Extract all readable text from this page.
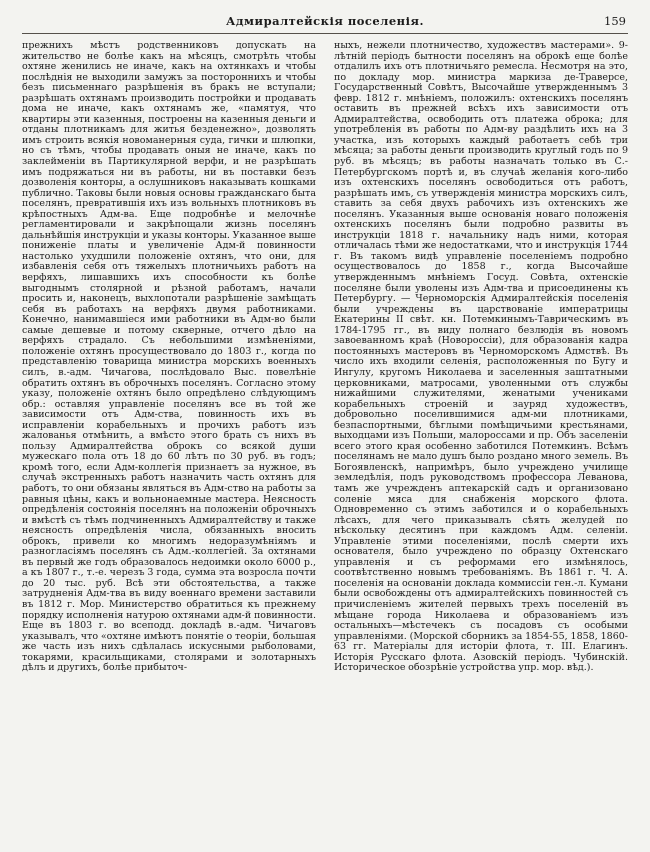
Адмиралтейскія поселенія.	159
прежнихъ мѣстъ родственниковъ допускать на жительство не болѣе какъ на мѣсяцъ, смотрѣть чтобы охтяне женились не иначе, какъ на охтянкахъ и чтобы послѣднія не выходили замужъ за постороннихъ и чтобы безъ письменнаго разрѣшенія въ бракъ не вступали; разрѣшать охтянамъ производить постройки и продавать дома не иначе, какъ охтянамъ же, «памятуя, что квартиры эти казенныя, построены на казенныя деньги и отданы плотникамъ для житья безденежно», дозволять имъ строить всякія новоманерныя суда, гички и шлюпки, но съ тѣмъ, чтобы продавать оныя не иначе, какъ по заклейменіи въ Партикулярной верфи, и не разрѣшать имъ подряжаться ни въ работы, ни въ поставки безъ дозволенія конторы, а ослушниковъ наказывать кошками публично. Таковы были новыя основы гражданскаго быта поселянъ, превратившія ихъ изъ вольныхъ плотниковъ въ крѣпостныхъ Адм-ва. Еще подробнѣе и мелочнѣе регламентировали и закрѣпощали жизнь поселянъ дальнѣйшія инструкціи и указы конторы. Указанное выше пониженіе платы и увеличеніе Адм-й повинности настолько ухудшили положеніе охтянъ, что они, для избавленія себя отъ тяжелыхъ плотничьихъ работъ на верфяхъ, лишавшихъ ихъ способности къ болѣе выгоднымъ столярной и рѣзной работамъ, начали просить и, наконецъ, выхлопотали разрѣшеніе замѣщать себя въ работахъ на верфяхъ двумя работниками. Конечно, нанимавшіеся ими работники въ Адм-во были самые дешевые и потому скверные, отчего дѣло на верфяхъ страдало. Съ небольшими измѣненіями, положеніе охтянъ просуществовало до 1803 г., когда по представленію товарища министра морскихъ военныхъ силъ, в.-адм. Чичагова, послѣдовало Выс. повелѣніе обратить охтянъ въ оброчныхъ поселянъ. Согласно этому указу, положеніе охтянъ было опредѣлено слѣдующимъ обр.: оставляя управленіе поселянъ все въ той же зависимости отъ Адм-ства, повинность ихъ въ исправленіи корабельныхъ и прочихъ работъ изъ жалованья отмѣнить, а вмѣсто этого брать съ нихъ въ пользу Адмиралтейства оброкъ со всякой души мужескаго пола отъ 18 до 60 лѣтъ по 30 руб. въ годъ; кромѣ того, если Адм-коллегія признаетъ за нужное, въ случаѣ экстренныхъ работъ назначить часть охтянъ для работъ, то они обязаны являться въ Адм-ство на работы за равныя цѣны, какъ и вольнонаемные мастера. Неясность опредѣленія состоянія поселянъ на положеніи оброчныхъ и вмѣстѣ съ тѣмъ подчиненныхъ Адмиралтейству и также неясность опредѣленія числа, обязанныхъ вносить оброкъ, привели ко многимъ недоразумѣніямъ и разногласіямъ поселянъ съ Адм.-коллегіей. За охтянами въ первый же годъ образовалось недоимки около 6000 р., а къ 1807 г., т.-е. черезъ 3 года, сумма эта возросла почти до 20 тыс. руб. Всѣ эти обстоятельства, а также затрудненія Адм-тва въ виду военнаго времени заставили въ 1812 г. Мор. Министерство обратиться къ прежнему порядку исполненія натурою охтянами адм-й повинности. Еще въ 1803 г. во всеподд. докладѣ в.-адм. Чичаговъ указывалъ, что «охтяне имѣютъ понятіе о теоріи, большая же часть изъ нихъ сдѣлалась искусными рыболовами, токарями, красильщиками, столярами и золотарныхъ дѣлъ и другихъ, болѣе прибыточ-
ныхъ, нежели плотничество, художествъ мастерами». 9-лѣтній періодъ бытности поселянъ на оброкѣ еще болѣе отдалилъ ихъ отъ плотничьяго ремесла. Несмотря на это, по докладу мор. министра маркиза де-Траверсе, Государственный Совѣтъ, Высочайше утвержденнымъ 3 февр. 1812 г. мнѣніемъ, положилъ: охтенскихъ поселянъ оставить въ прежней всѣхъ ихъ зависимости отъ Адмиралтейства, освободить отъ платежа оброка; для употребленія въ работы по Адм-ву раздѣлить ихъ на 3 участка, изъ которыхъ каждый работаетъ себѣ три мѣсяца; за работы деньги производить круглый годъ по 9 руб. въ мѣсяцъ; въ работы назначать только въ С.-Петербургскомъ портѣ и, въ случаѣ желанія кого-либо изъ охтенскихъ поселянъ освободиться отъ работъ, разрѣшать имъ, съ утвержденія министра морскихъ силъ, ставить за себя двухъ рабочихъ изъ охтенскихъ же поселянъ. Указанныя выше основанія новаго положенія охтенскихъ поселянъ были подробно развиты въ инструкціи 1818 г. начальнику надъ ними, которая отличалась тѣми же недостатками, что и инструкція 1744 г. Въ такомъ видѣ управленіе поселеніемъ подробно осуществовалось до 1858 г., когда Высочайше утвержденнымъ мнѣніемъ Госуд. Совѣта, охтенскіе поселяне были уволены изъ Адм-тва и присоединены къ Петербургу. — Черноморскія Адмиралтейскія поселенія были учреждены въ царствованіе императрицы Екатерины II свѣт. кн. Потемкинымъ-Таврическимъ въ 1784-1795 гг., въ виду полнаго безлюдія въ новомъ завоеванномъ краѣ (Новороссіи), для образованія кадра постоянныхъ мастеровъ въ Черноморскомъ Адмствѣ. Въ число ихъ входили селенія, расположенныя по Бугу и Ингулу, кругомъ Николаева и заселенныя заштатными церковниками, матросами, уволенными отъ службы нижайшими служителями, женатыми учениками корабельныхъ строеній и зауряд художествъ, добровольно поселившимися адм-ми плотниками, безпаспортными, бѣглыми помѣщичьими крестьянами, выходцами изъ Польши, малороссами и пр. Объ заселеніи всего этого края особенно заботился Потемкинъ. Всѣмъ поселянамъ не мало душъ было роздано много земель. Въ Богоявленскѣ, напримѣръ, было учреждено училище земледѣлія, подъ руководствомъ профессора Леванова, тамъ же учрежденъ аптекарскій садъ и организовано соленіе мяса для снабженія морского флота. Одновременно съ этимъ заботился и о корабельныхъ лѣсахъ, для чего приказывалъ сѣять желудей по нѣскольку десятинъ при каждомъ Адм. селеніи. Управленіе этими поселеніями, послѣ смерти ихъ основателя, было учреждено по образцу Охтенскаго управленія и съ реформами его измѣнялось, соотвѣтственно новымъ требованіямъ. Въ 1861 г. Ч. А. поселенія на основаніи доклада коммиссіи ген.-л. Кумани были освобождены отъ адмиралтейскихъ повинностей съ причисленіемъ жителей первыхъ трехъ поселеній въ мѣщане города Николаева и образованіемъ изъ остальныхъ—мѣстечекъ съ посадовъ съ особыми управленіями. (Морской сборникъ за 1854-55, 1858, 1860-63 гг. Матеріалы для исторіи флота, т. III. Елагинъ. Исторія Русскаго флота. Азовскій періодъ. Чубинскій. Историческое обозрѣніе устройства упр. мор. вѣд.).
